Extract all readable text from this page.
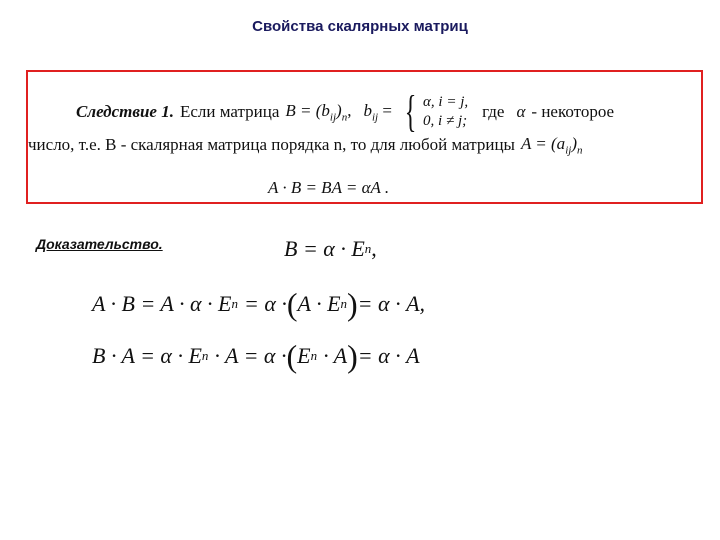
Свойства скалярных матриц
Следствие 1. Если матрица $B = (b_{ij})_n$, $b_{ij}$ = { α, i = j,
0, i ≠ j; где α - некоторое
число, т.е. B - скалярная матрица порядка n, то для любой матрицы $A = (a_{ij})_n$
A · B = BA = αA .
Доказательство.	B = α · E n ,
A · B = A · α · E n = α · ( A · E n ) = α · A,
B · A = α · E n · A = α · ( E n · A ) = α · A
